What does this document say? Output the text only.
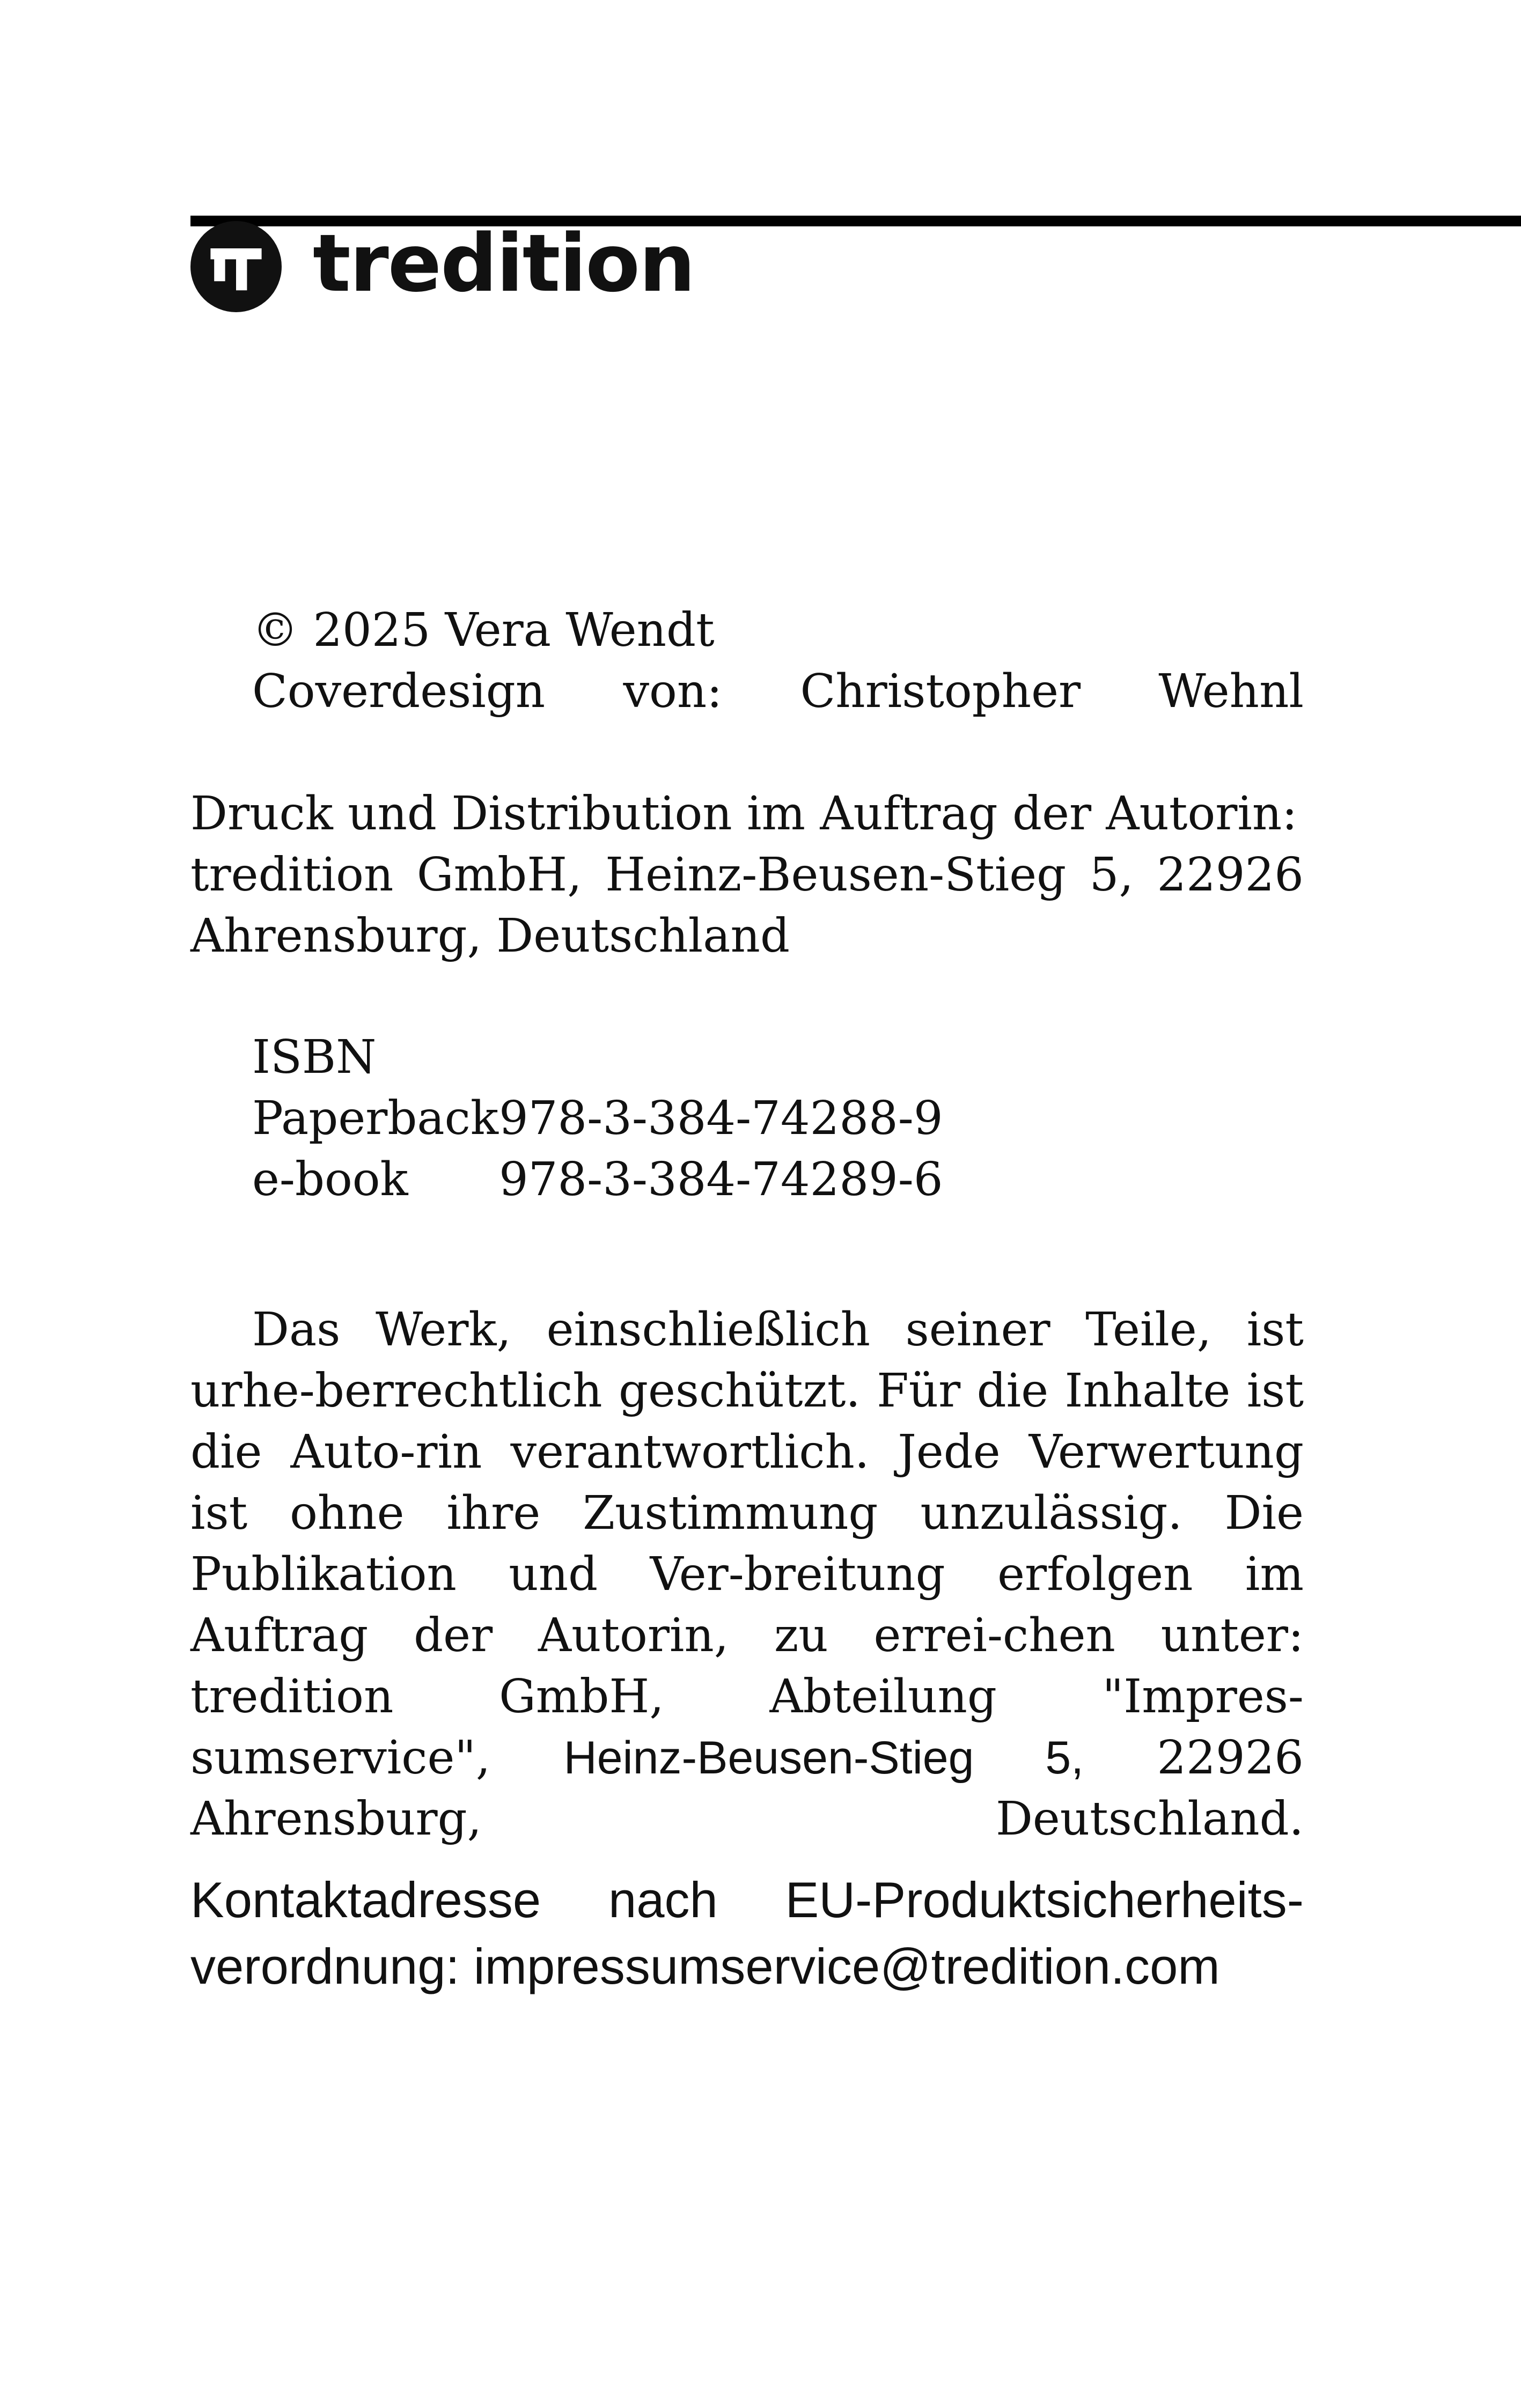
tredition
© 2025 Vera Wendt
Coverdesign von: Christopher Wehnl
Druck und Distribution im Auftrag der Autorin:
tredition GmbH, Heinz-Beusen-Stieg 5, 22926
Ahrensburg, Deutschland
ISBN
Paperback 978-3-384-74288-9
e-book	978-3-384-74289-6
Das Werk, einschließlich seiner Teile, ist urhe-berrechtlich geschützt. Für die Inhalte ist die Auto-rin verantwortlich. Jede Verwertung ist ohne ihre Zustimmung unzulässig. Die Publikation und Ver-breitung erfolgen im Auftrag der Autorin, zu errei-chen unter: tredition GmbH, Abteilung "Impres-sumservice", Heinz-Beusen-Stieg 5, 22926
Ahrensburg,	Deutschland.
Kontaktadresse nach EU-Produktsicherheits-
verordnung: impressumservice@tredition.com
